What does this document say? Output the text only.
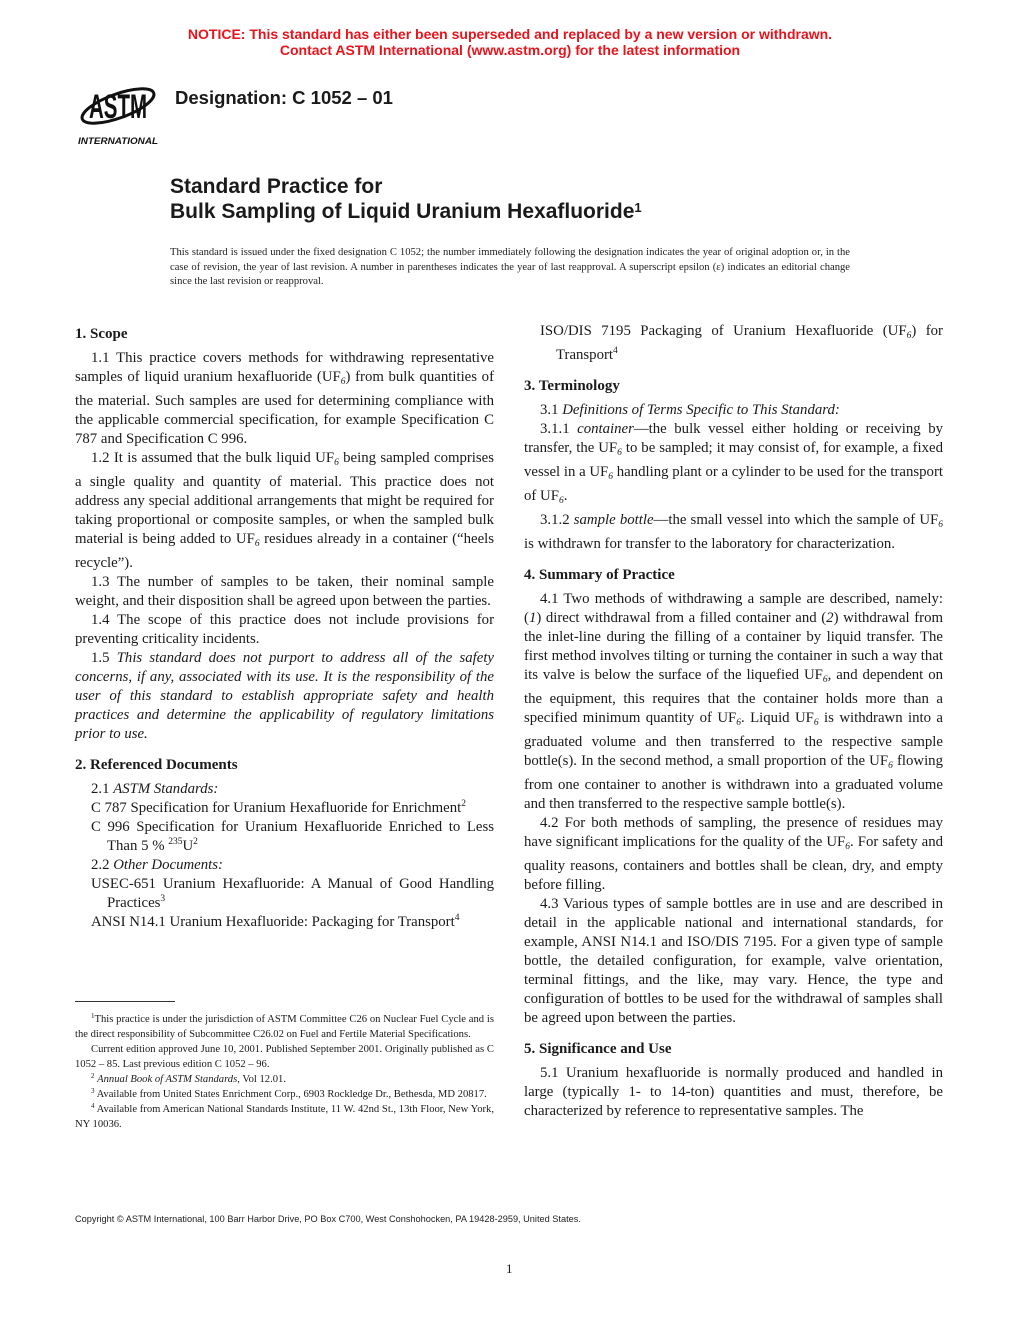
NOTICE: This standard has either been superseded and replaced by a new version or withdrawn.
Contact ASTM International (www.astm.org) for the latest information
ASTM
INTERNATIONAL
Designation: C 1052 – 01
Standard Practice for
Bulk Sampling of Liquid Uranium Hexafluoride$^1$
This standard is issued under the fixed designation C 1052; the number immediately following the designation indicates the year of original adoption or, in the case of revision, the year of last revision. A number in parentheses indicates the year of last reapproval. A superscript epsilon (ε) indicates an editorial change since the last revision or reapproval.
1. Scope

1.1 This practice covers methods for withdrawing representative samples of liquid uranium hexafluoride $(UF_6)$ from bulk quantities of the material. Such samples are used for determining compliance with the applicable commercial specification, for example Specification C 787 and Specification C 996.

1.2 It is assumed that the bulk liquid $UF_6$ being sampled comprises a single quality and quantity of material. This practice does not address any special additional arrangements that might be required for taking proportional or composite samples, or when the sampled bulk material is being added to $UF_6$ residues already in a container (“heels recycle”).

1.3 The number of samples to be taken, their nominal sample weight, and their disposition shall be agreed upon between the parties.

1.4 The scope of this practice does not include provisions for preventing criticality incidents.

1.5 This standard does not purport to address all of the safety concerns, if any, associated with its use. It is the responsibility of the user of this standard to establish appropriate safety and health practices and determine the applicability of regulatory limitations prior to use.

2. Referenced Documents

2.1 ASTM Standards:

C 787 Specification for Uranium Hexafluoride for Enrichment$^2$

C 996 Specification for Uranium Hexafluoride Enriched to Less Than 5 % $^{235}U^2$

2.2 Other Documents:

USEC-651 Uranium Hexafluoride: A Manual of Good Handling Practices$^3$

ANSI N14.1 Uranium Hexafluoride: Packaging for Transport$^4$

ISO/DIS 7195 Packaging of Uranium Hexafluoride $(UF_6)$ for Transport$^4$

3. Terminology

3.1 Definitions of Terms Specific to This Standard:

3.1.1 container—the bulk vessel either holding or receiving by transfer, the $UF_6$ to be sampled; it may consist of, for example, a fixed vessel in a $UF_6$ handling plant or a cylinder to be used for the transport of $UF_6$.

3.1.2 sample bottle—the small vessel into which the sample of $UF_6$ is withdrawn for transfer to the laboratory for characterization.

4. Summary of Practice

4.1 Two methods of withdrawing a sample are described, namely: (1) direct withdrawal from a filled container and (2) withdrawal from the inlet-line during the filling of a container by liquid transfer. The first method involves tilting or turning the container in such a way that its valve is below the surface of the liquefied $UF_6$, and dependent on the equipment, this requires that the container holds more than a specified minimum quantity of $UF_6$. Liquid $UF_6$ is withdrawn into a graduated volume and then transferred to the respective sample bottle(s). In the second method, a small proportion of the $UF_6$ flowing from one container to another is withdrawn into a graduated volume and then transferred to the respective sample bottle(s).

4.2 For both methods of sampling, the presence of residues may have significant implications for the quality of the $UF_6$. For safety and quality reasons, containers and bottles shall be clean, dry, and empty before filling.

4.3 Various types of sample bottles are in use and are described in detail in the applicable national and international standards, for example, ANSI N14.1 and ISO/DIS 7195. For a given type of sample bottle, the detailed configuration, for example, valve orientation, terminal fittings, and the like, may vary. Hence, the type and configuration of bottles to be used for the withdrawal of samples shall be agreed upon between the parties.

5. Significance and Use

5.1 Uranium hexafluoride is normally produced and handled in large (typically 1- to 14-ton) quantities and must, therefore, be characterized by reference to representative samples. The

$^1$This practice is under the jurisdiction of ASTM Committee C26 on Nuclear Fuel Cycle and is the direct responsibility of Subcommittee C26.02 on Fuel and Fertile Material Specifications.

Current edition approved June 10, 2001. Published September 2001. Originally published as C 1052 – 85. Last previous edition C 1052 – 96.

$^2$ Annual Book of ASTM Standards, Vol 12.01.

$^3$ Available from United States Enrichment Corp., 6903 Rockledge Dr., Bethesda, MD 20817.

$^4$ Available from American National Standards Institute, 11 W. 42nd St., 13th Floor, New York, NY 10036.

Copyright © ASTM International, 100 Barr Harbor Drive, PO Box C700, West Conshohocken, PA 19428-2959, United States.
1
